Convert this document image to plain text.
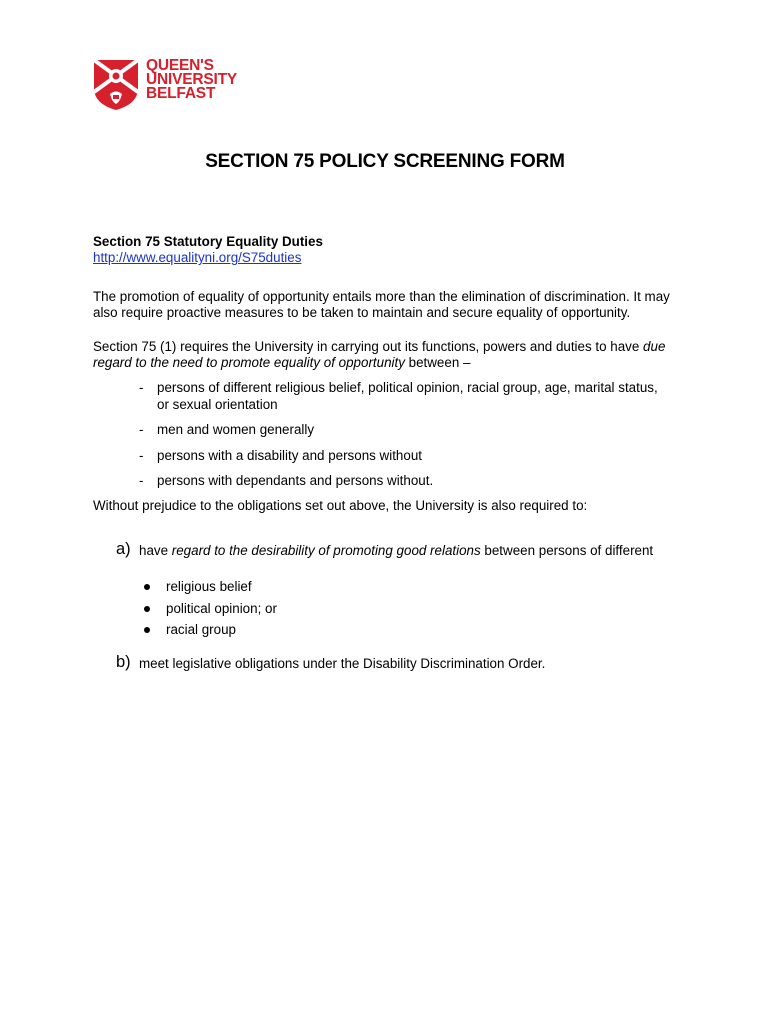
QUEEN'S
UNIVERSITY
BELFAST
SECTION 75 POLICY SCREENING FORM

Section 75 Statutory Equality Duties

http://www.equalityni.org/S75duties

The promotion of equality of opportunity entails more than the elimination of discrimination. It may also require proactive measures to be taken to maintain and secure equality of opportunity.

Section 75 (1) requires the University in carrying out its functions, powers and duties to have due regard to the need to promote equality of opportunity between –

- persons of different religious belief, political opinion, racial group, age, marital status, or sexual orientation
- men and women generally
- persons with a disability and persons without
- persons with dependants and persons without.

Without prejudice to the obligations set out above, the University is also required to:

a) have regard to the desirability of promoting good relations between persons of different
religious belief
political opinion; or
racial group
b) meet legislative obligations under the Disability Discrimination Order.
